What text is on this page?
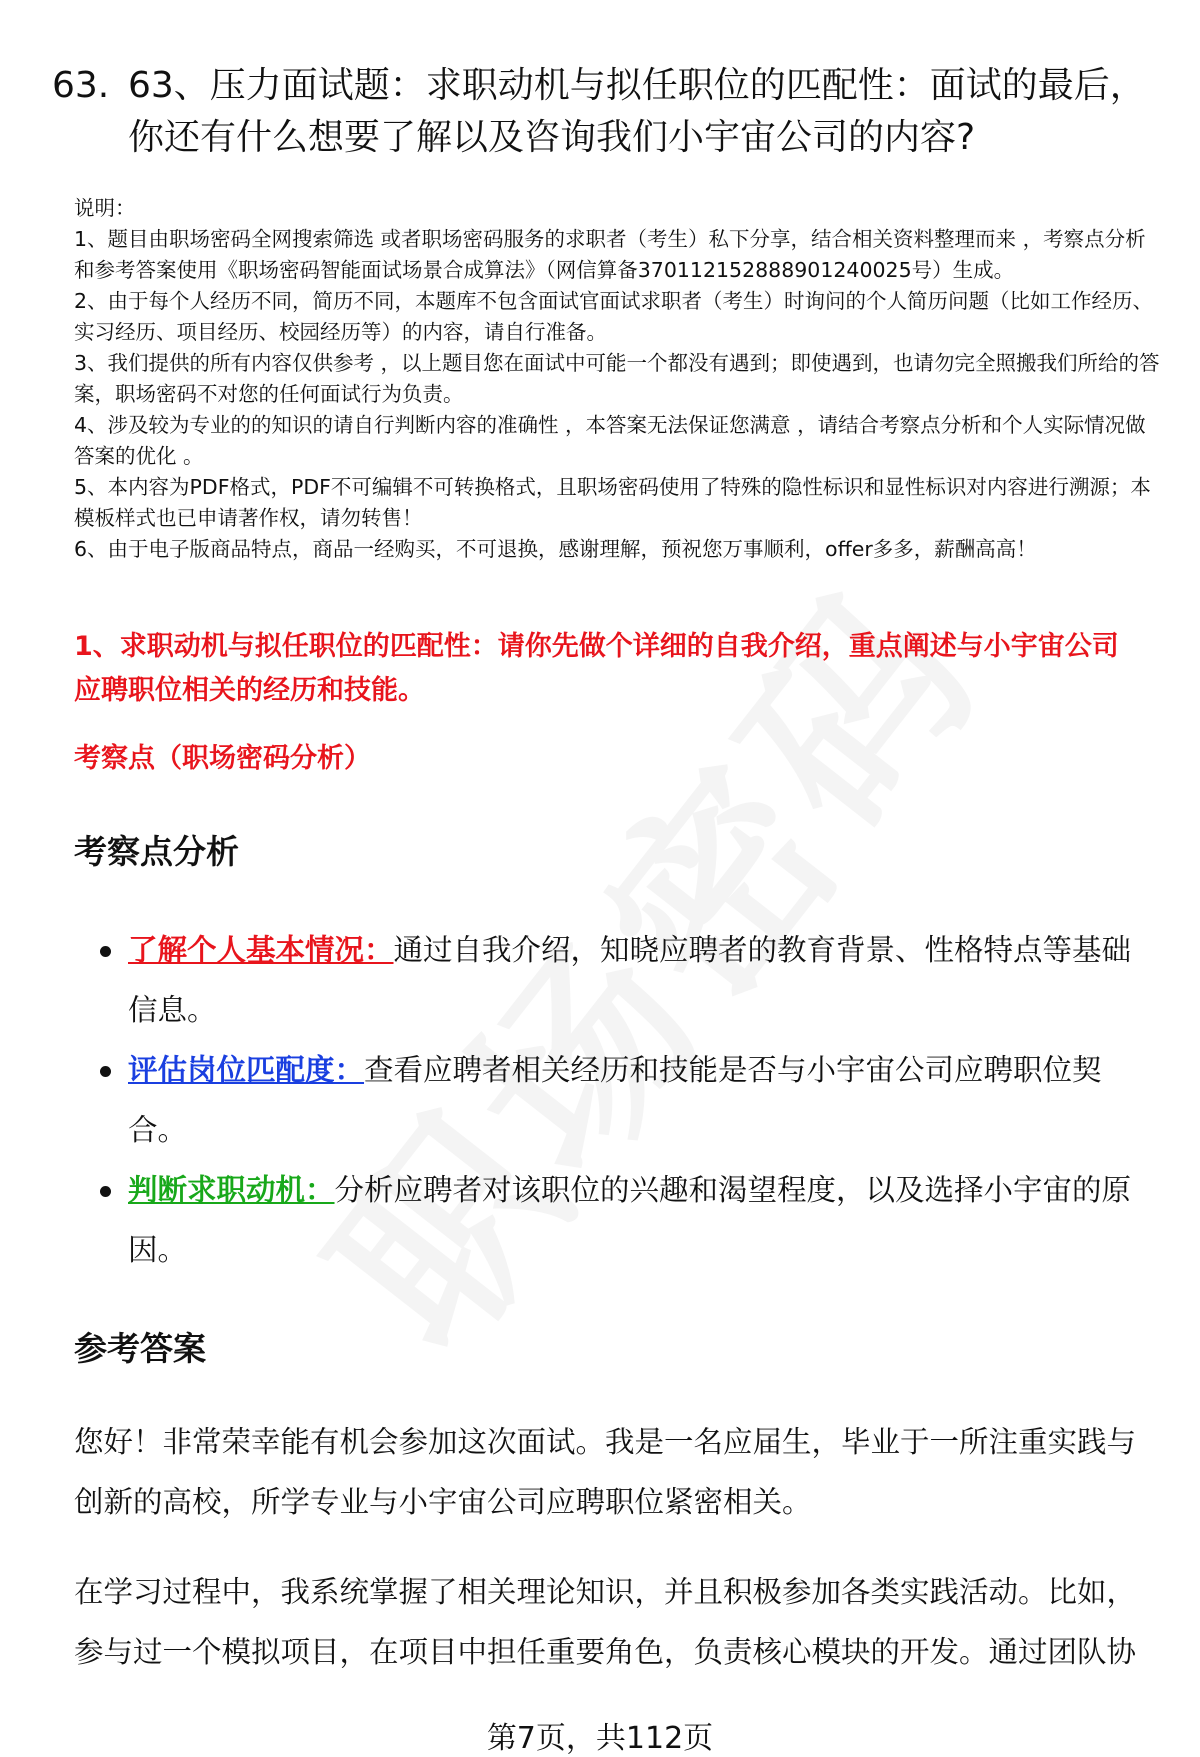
63. 63、压力面试题：求职动机与拟任职位的匹配性：面试的最后，你还有什么想要了解以及咨询我们小宇宙公司的内容?
说明：
1、题目由职场密码全网搜索筛选 或者职场密码服务的求职者（考生）私下分享，结合相关资料整理而来 ，考察点分析和参考答案使用《职场密码智能面试场景合成算法》（网信算备370112152888901240025号）生成。
2、由于每个人经历不同，简历不同，本题库不包含面试官面试求职者（考生）时询问的个人简历问题（比如工作经历、实习经历、项目经历、校园经历等）的内容，请自行准备。
3、我们提供的所有内容仅供参考 ，以上题目您在面试中可能一个都没有遇到；即使遇到，也请勿完全照搬我们所给的答案，职场密码不对您的任何面试行为负责。
4、涉及较为专业的的知识的请自行判断内容的准确性 ，本答案无法保证您满意 ，请结合考察点分析和个人实际情况做答案的优化 。
5、本内容为PDF格式，PDF不可编辑不可转换格式，且职场密码使用了特殊的隐性标识和显性标识对内容进行溯源；本模板样式也已申请著作权，请勿转售！
6、由于电子版商品特点，商品一经购买，不可退换，感谢理解，预祝您万事顺利，offer多多，薪酬高高！
1、求职动机与拟任职位的匹配性：请你先做个详细的自我介绍，重点阐述与小宇宙公司应聘职位相关的经历和技能。
考察点（职场密码分析）
考察点分析
了解个人基本情况：通过自我介绍，知晓应聘者的教育背景、性格特点等基础信息。
评估岗位匹配度：查看应聘者相关经历和技能是否与小宇宙公司应聘职位契合。
判断求职动机：分析应聘者对该职位的兴趣和渴望程度，以及选择小宇宙的原因。
参考答案
您好！非常荣幸能有机会参加这次面试。我是一名应届生，毕业于一所注重实践与创新的高校，所学专业与小宇宙公司应聘职位紧密相关。
在学习过程中，我系统掌握了相关理论知识，并且积极参加各类实践活动。比如，参与过一个模拟项目，在项目中担任重要角色，负责核心模块的开发。通过团队协
第7页，共112页
